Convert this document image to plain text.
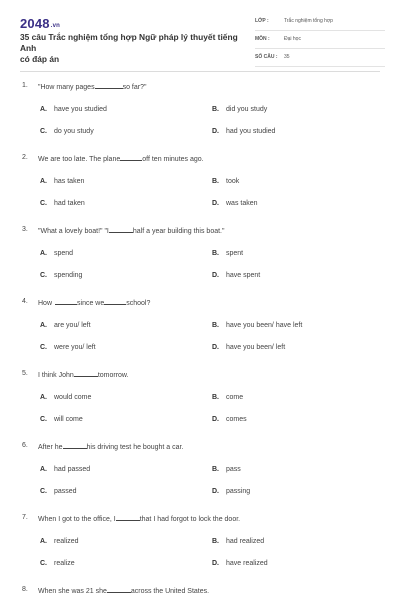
2048.vn
35 câu Trắc nghiệm tổng hợp Ngữ pháp lý thuyết tiếng Anh
có đáp án
LỚP :	Trắc nghiệm tổng hợp
MÔN :	Đại học
SỐ CÂU : 35
1. "How many pages	so far?"
A. have you studied	B. did you study
C. do you study	D. had you studied
2. We are too late. The plane	off ten minutes ago.
A. has taken	B. took
C. had taken	D. was taken
3. "What a lovely boat!" "I	half a year building this boat."
A. spend	B. spent
C. spending	D. have spent
4. How	since we	school?
A. are you/ left	B. have you been/ have left
C. were you/ left	D. have you been/ left
5. I think John	tomorrow.
A. would come	B. come
C. will come	D. comes
6. After he	his driving test he bought a car.
A. had passed	B. pass
C. passed	D. passing
7. When I got to the office, I	that I had forgot to lock the door.
A. realized	B. had realized
C. realize	D. have realized
8. When she was 21 she	across the United States.
